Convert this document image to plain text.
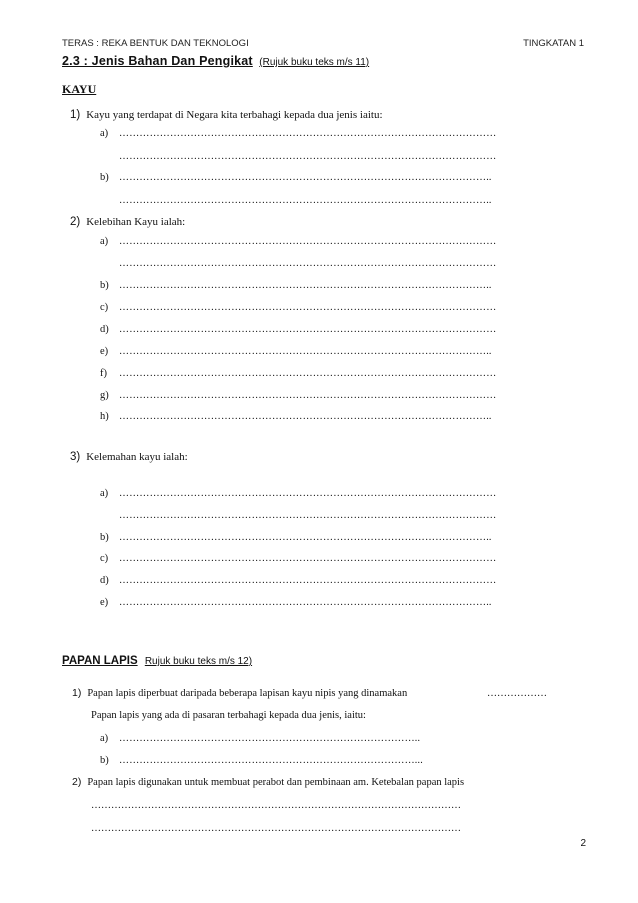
TERAS : REKA BENTUK DAN TEKNOLOGI	TINGKATAN 1
2.3 : Jenis Bahan Dan Pengikat (Rujuk buku teks m/s 11)
KAYU
1) Kayu yang terdapat di Negara kita terbahagi kepada dua jenis iaitu:
a)	…………………………………………………………………………………………………
…………………………………………………………………………………………………
b)	………………………………………………………………………………………………..
………………………………………………………………………………………………..
2) Kelebihan Kayu ialah:
a)	…………………………………………………………………………………………………
…………………………………………………………………………………………………
b)	………………………………………………………………………………………………..
c)	…………………………………………………………………………………………………
d)	…………………………………………………………………………………………………
e)	………………………………………………………………………………………………..
f)	…………………………………………………………………………………………………
g)	…………………………………………………………………………………………………
h)	………………………………………………………………………………………………..
3) Kelemahan kayu ialah:
a)	…………………………………………………………………………………………………
…………………………………………………………………………………………………
b)	………………………………………………………………………………………………..
c)	…………………………………………………………………………………………………
d)	…………………………………………………………………………………………………
e)	………………………………………………………………………………………………..
PAPAN LAPIS Rujuk buku teks m/s 12)
1) Papan lapis diperbuat daripada beberapa lapisan kayu nipis yang dinamakan	………………
Papan lapis yang ada di pasaran terbahagi kepada dua jenis, iaitu:
a)	……………………………………………………………………………..
b)	……………………………………………………………………………...
2) Papan lapis digunakan untuk membuat perabot dan pembinaan am. Ketebalan papan lapis
…………………………………………………………………………………………………
…………………………………………………………………………………………………
2
